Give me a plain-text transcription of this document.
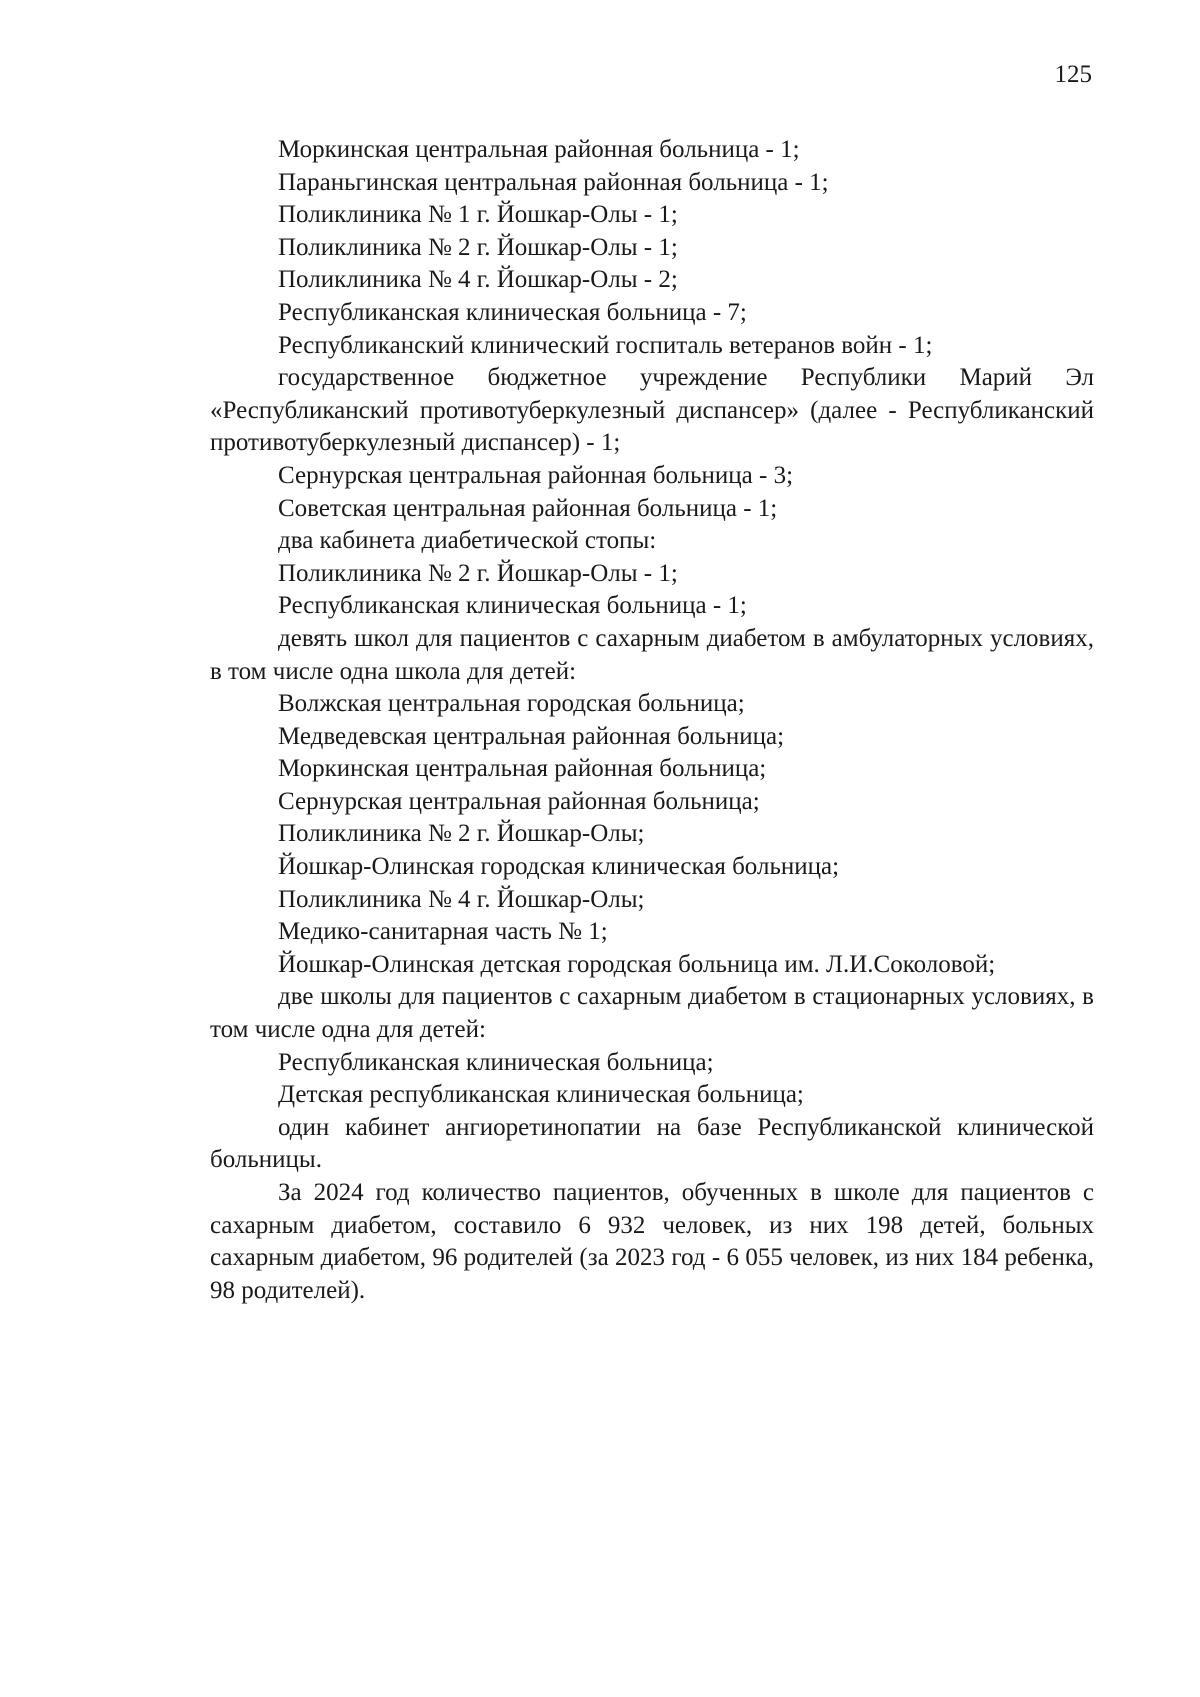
125

Моркинская центральная районная больница - 1;

Параньгинская центральная районная больница - 1;

Поликлиника № 1 г. Йошкар-Олы - 1;

Поликлиника № 2 г. Йошкар-Олы - 1;

Поликлиника № 4 г. Йошкар-Олы - 2;

Республиканская клиническая больница - 7;

Республиканский клинический госпиталь ветеранов войн - 1;

государственное бюджетное учреждение Республики Марий Эл «Республиканский противотуберкулезный диспансер» (далее - Республиканский противотуберкулезный диспансер) - 1;

Сернурская центральная районная больница - 3;

Советская центральная районная больница - 1;

два кабинета диабетической стопы:

Поликлиника № 2 г. Йошкар-Олы - 1;

Республиканская клиническая больница - 1;

девять школ для пациентов с сахарным диабетом в амбулаторных условиях, в том числе одна школа для детей:

Волжская центральная городская больница;

Медведевская центральная районная больница;

Моркинская центральная районная больница;

Сернурская центральная районная больница;

Поликлиника № 2 г. Йошкар-Олы;

Йошкар-Олинская городская клиническая больница;

Поликлиника № 4 г. Йошкар-Олы;

Медико-санитарная часть № 1;

Йошкар-Олинская детская городская больница им. Л.И.Соколовой;

две школы для пациентов с сахарным диабетом в стационарных условиях, в том числе одна для детей:

Республиканская клиническая больница;

Детская республиканская клиническая больница;

один кабинет ангиоретинопатии на базе Республиканской клинической больницы.

За 2024 год количество пациентов, обученных в школе для пациентов с сахарным диабетом, составило 6 932 человек, из них 198 детей, больных сахарным диабетом, 96 родителей (за 2023 год - 6 055 человек, из них 184 ребенка, 98 родителей).
